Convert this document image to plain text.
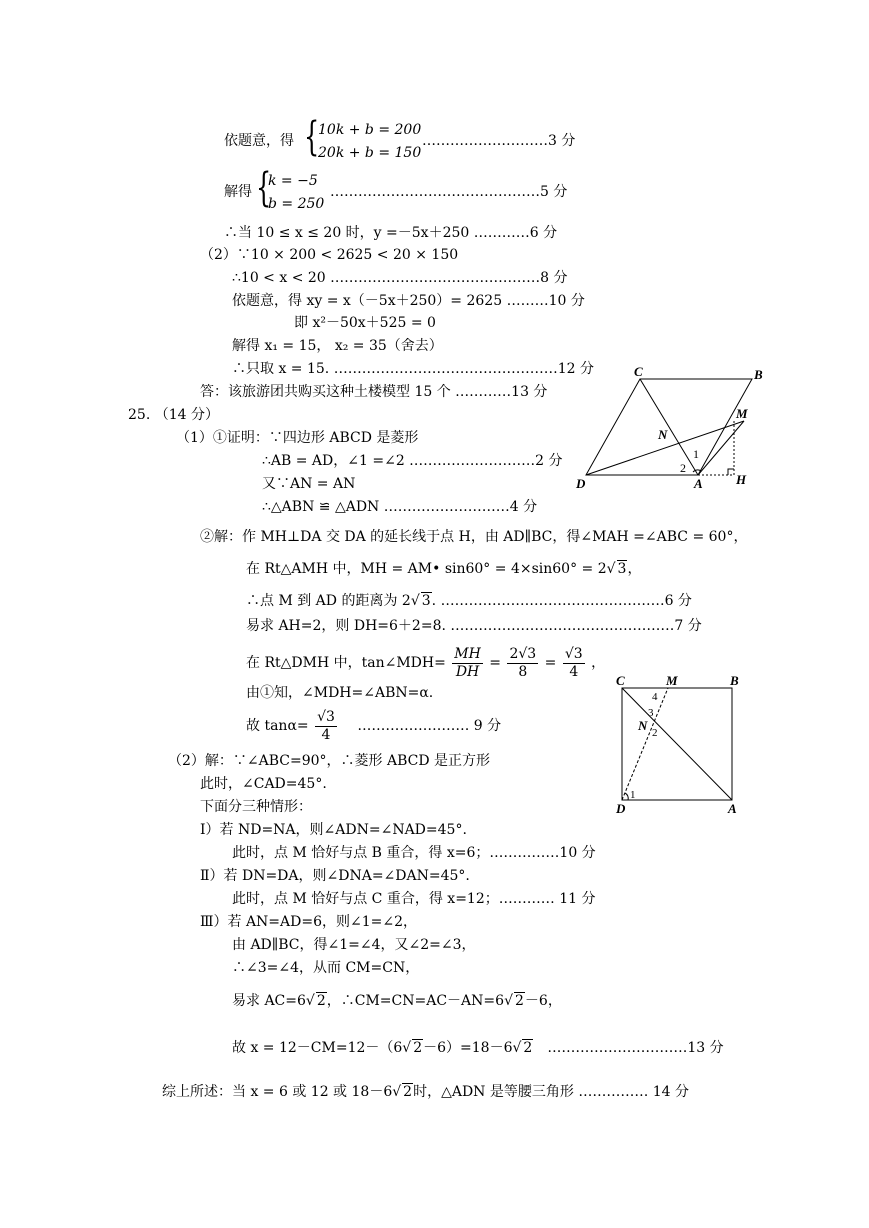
依题意，得 {
10k + b = 200
20k + b = 150
………………………3 分
解得 {
k = −5
b = 250
………………………………………5 分
∴当 10 ≤ x ≤ 20 时，y =－5x＋250 …………6 分
（2）∵10 × 200 < 2625 < 20 × 150
∴10 < x < 20 ………………………………………8 分
依题意，得 xy = x（－5x＋250）= 2625 ………10 分
即 x²－50x＋525 = 0
解得 x₁ = 15， x₂ = 35（舍去）
∴只取 x = 15. …………………………………………12 分
答：该旅游团共购买这种土楼模型 15 个 …………13 分
25. （14 分）
（1）①证明：∵四边形 ABCD 是菱形
∴AB = AD，∠1 =∠2 ………………………2 分
又∵AN = AN
∴△ABN ≌ △ADN ………………………4 分
②解：作 MH⊥DA 交 DA 的延长线于点 H，由 AD∥BC，得∠MAH =∠ABC = 60°，
在 Rt△AMH 中，MH = AM• sin60° = 4×sin60° = 2√ 3，
∴点 M 到 AD 的距离为 2√ 3. …………………………………………6 分
易求 AH=2，则 DH=6＋2=8. …………………………………………7 分
在 Rt△DMH 中，tan∠MDH= $\frac{MH}{DH} = \frac{2√3}{8} = \frac{√3}{4}$ ，
由①知，∠MDH=∠ABN=α.
故 $\tan\alpha= \frac{√3}{4}$ …………………… 9 分
（2）解：∵∠ABC=90°，∴菱形 ABCD 是正方形
此时，∠CAD=45°.
下面分三种情形：
Ⅰ）若 ND=NA，则∠ADN=∠NAD=45°.
此时，点 M 恰好与点 B 重合，得 x=6；……………10 分
Ⅱ）若 DN=DA，则∠DNA=∠DAN=45°.
此时，点 M 恰好与点 C 重合，得 x=12；………… 11 分
Ⅲ）若 AN=AD=6，则∠1=∠2，
由 AD∥BC，得∠1=∠4，又∠2=∠3，
∴∠3=∠4，从而 CM=CN，
易求 AC=6√ 2，∴CM=CN=AC－AN=6√ 2－6，
故 x = 12－CM=12－（6√ 2－6）=18－6√ 2 …………………………13 分
综上所述：当 x = 6 或 12 或 18－6√ 2时，△ADN 是等腰三角形 …………… 14 分
C	B
M
N
D	A	H
1
2
C	M	B
N
D	A
1
2
3
4
